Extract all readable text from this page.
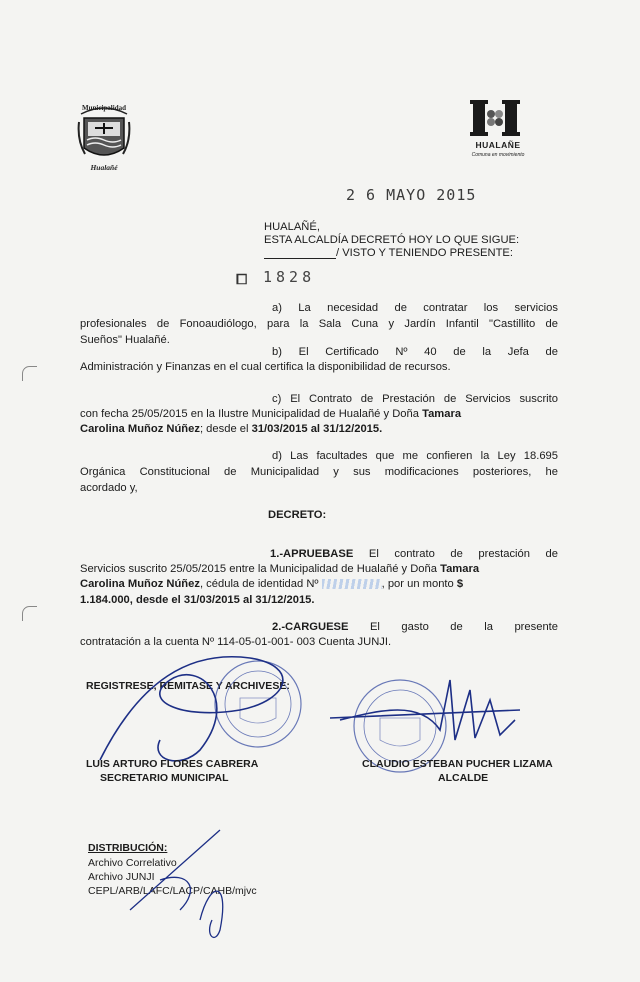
Municipalidad
Hualañé
HUALAÑE
Comuna en movimiento
2 6 MAYO 2015
HUALAÑÉ,
ESTA ALCALDÍA DECRETÓ HOY LO QUE SIGUE:
/ VISTO Y TENIENDO PRESENTE:
⧠ 1828
a) La necesidad de contratar los servicios
profesionales de Fonoaudiólogo, para la Sala Cuna y Jardín Infantil "Castillito de
Sueños" Hualañé.
b) El Certificado Nº 40 de la Jefa de
Administración y Finanzas en el cual certifica la disponibilidad de recursos.
c) El Contrato de Prestación de Servicios suscrito
con fecha 25/05/2015 en la Ilustre Municipalidad de Hualañé y Doña Tamara
Carolina Muñoz Núñez; desde el 31/03/2015 al 31/12/2015.
d) Las facultades que me confieren la Ley 18.695
Orgánica Constitucional de Municipalidad y sus modificaciones posteriores, he
acordado y,
DECRETO:
1.-APRUEBASE El contrato de prestación de
Servicios suscrito 25/05/2015 entre la Municipalidad de Hualañé y Doña Tamara
Carolina Muñoz Núñez, cédula de identidad Nº	, por un monto $
1.184.000, desde el 31/03/2015 al 31/12/2015.
2.-CARGUESE El gasto de la presente
contratación a la cuenta Nº 114-05-01-001- 003 Cuenta JUNJI.
REGISTRESE, REMITASE Y ARCHIVESE:
LUIS ARTURO FLORES CABRERA
SECRETARIO MUNICIPAL
CLAUDIO ESTEBAN PUCHER LIZAMA
ALCALDE
DISTRIBUCIÓN:
Archivo Correlativo
Archivo JUNJI
CEPL/ARB/LAFC/LACP/CAHB/mjvc
